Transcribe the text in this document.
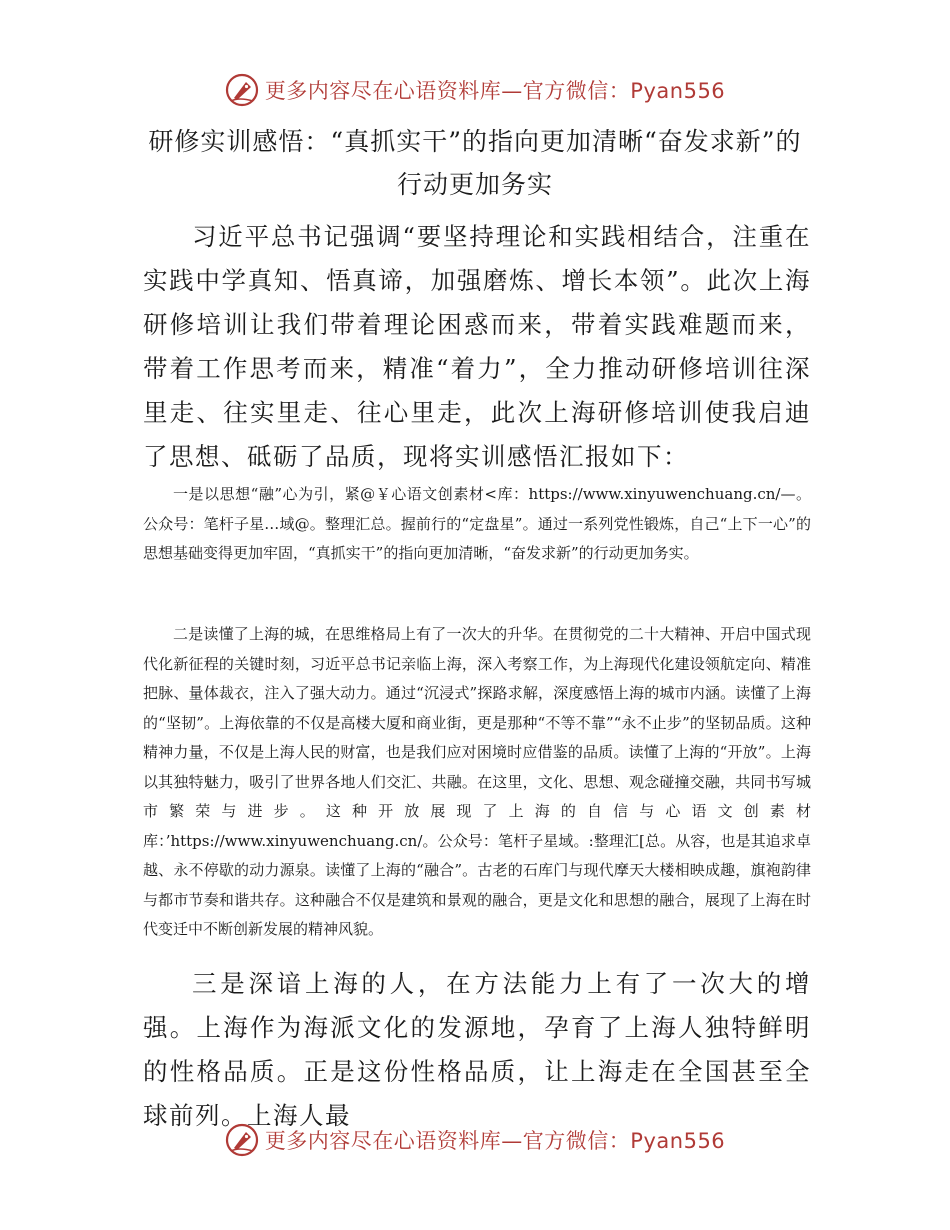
更多内容尽在心语资料库—官方微信：Pyan556
研修实训感悟：“真抓实干”的指向更加清晰“奋发求新”的行动更加务实
习近平总书记强调“要坚持理论和实践相结合，注重在实践中学真知、悟真谛，加强磨炼、增长本领”。此次上海研修培训让我们带着理论困惑而来，带着实践难题而来，带着工作思考而来，精准“着力”，全力推动研修培训往深里走、往实里走、往心里走，此次上海研修培训使我启迪了思想、砥砺了品质，现将实训感悟汇报如下：
一是以思想“融”心为引，紧@￥心语文创素材<库：https://www.xinyuwenchuang.cn/—。公众号：笔杆子星…域@。整理汇总。握前行的“定盘星”。通过一系列党性锻炼，自己“上下一心”的思想基础变得更加牢固，“真抓实干”的指向更加清晰，“奋发求新”的行动更加务实。
二是读懂了上海的城，在思维格局上有了一次大的升华。在贯彻党的二十大精神、开启中国式现代化新征程的关键时刻，习近平总书记亲临上海，深入考察工作，为上海现代化建设领航定向、精准把脉、量体裁衣，注入了强大动力。通过“沉浸式”探路求解，深度感悟上海的城市内涵。读懂了上海的“坚韧”。上海依靠的不仅是高楼大厦和商业街，更是那种“不等不靠”“永不止步”的坚韧品质。这种精神力量，不仅是上海人民的财富，也是我们应对困境时应借鉴的品质。读懂了上海的“开放”。上海以其独特魅力，吸引了世界各地人们交汇、共融。在这里，文化、思想、观念碰撞交融，共同书写城市繁荣与进步。这种开放展现了上海的自信与心语文创素材库：’https://www.xinyuwenchuang.cn/。公众号：笔杆子星域。:整理汇[总。从容，也是其追求卓越、永不停歇的动力源泉。读懂了上海的“融合”。古老的石库门与现代摩天大楼相映成趣，旗袍韵律与都市节奏和谐共存。这种融合不仅是建筑和景观的融合，更是文化和思想的融合，展现了上海在时代变迁中不断创新发展的精神风貌。
三是深谙上海的人，在方法能力上有了一次大的增强。上海作为海派文化的发源地，孕育了上海人独特鲜明的性格品质。正是这份性格品质，让上海走在全国甚至全球前列。上海人最
更多内容尽在心语资料库—官方微信：Pyan556
